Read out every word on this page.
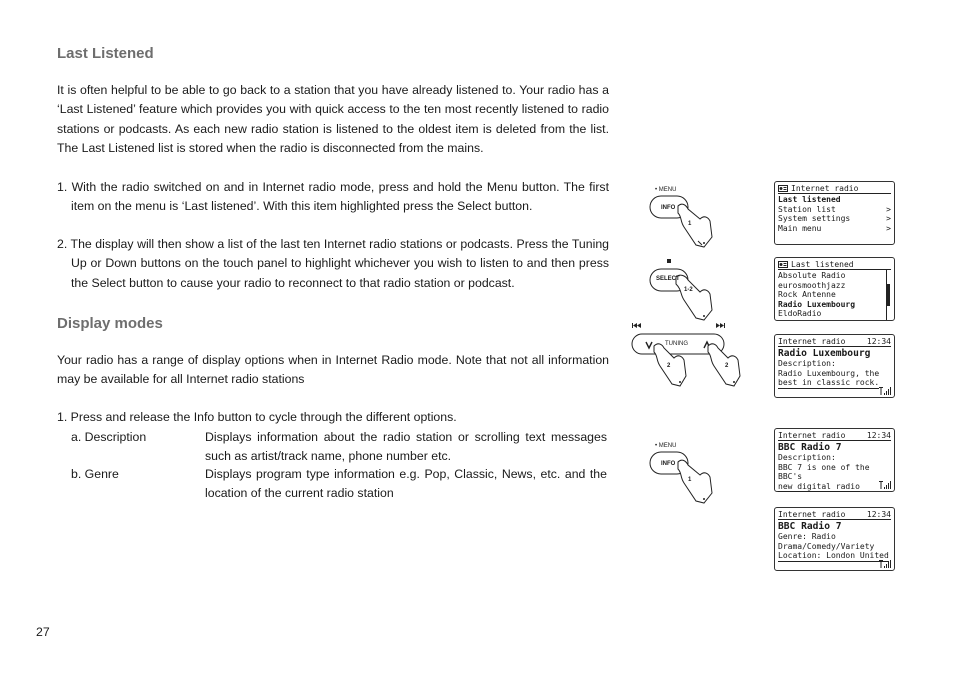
Last Listened

It is often helpful to be able to go back to a station that you have already listened to. Your radio has a ‘Last Listened’ feature which provides you with quick access to the ten most recently listened to radio stations or podcasts. As each new radio station is listened to the oldest item is deleted from the list. The Last Listened list is stored when the radio is disconnected from the mains.

1. With the radio switched on and in Internet radio mode, press and hold the Menu button. The first item on the menu is ‘Last listened’. With this item highlighted press the Select button.

2. The display will then show a list of the last ten Internet radio stations or podcasts. Press the Tuning Up or Down buttons on the touch panel to highlight whichever you wish to listen to and then press the Select button to cause your radio to reconnect to that radio station or podcast.

Display modes

Your radio has a range of display options when in Internet Radio mode. Note that not all information may be available for all Internet radio stations

1. Press and release the Info button to cycle through the different options.

a. Description	Displays information about the radio station or scrolling text messages such as artist/track name, phone number etc.
b. Genre	Displays program type information e.g. Pop, Classic, News, etc. and the location of the current radio station
27
• MENU
INFO
1
SELECT
1-2
TUNING
2	2
• MENU
INFO
1
Internet radio
Last listened
Station list	>
System settings	>
Main menu	>
Last listened
Absolute Radio
eurosmoothjazz
Rock Antenne
Radio Luxembourg
EldoRadio
Internet radio	12:34
Radio Luxembourg
Description:
Radio Luxembourg, the
best in classic rock.
Internet radio	12:34
BBC Radio 7
Description:
BBC 7 is one of the BBC's
new digital radio
Internet radio	12:34
BBC Radio 7
Genre: Radio
Drama/Comedy/Variety
Location: London United
